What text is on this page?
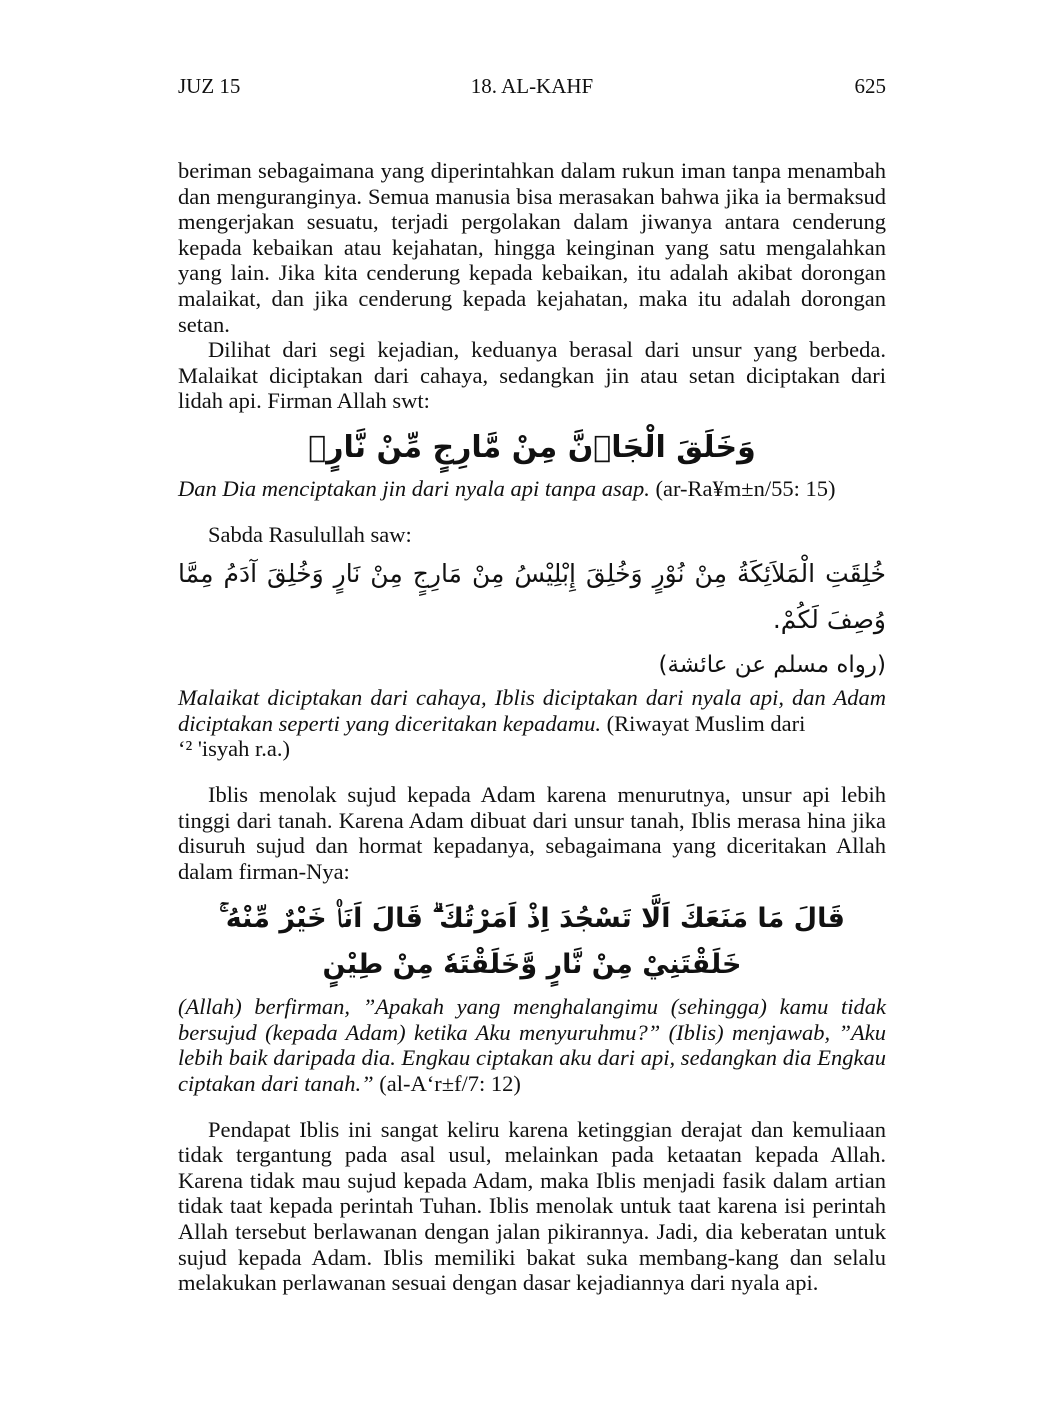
JUZ 15	18. AL-KAHF	625

beriman sebagaimana yang diperintahkan dalam rukun iman tanpa menambah dan menguranginya. Semua manusia bisa merasakan bahwa jika ia bermaksud mengerjakan sesuatu, terjadi pergolakan dalam jiwanya antara cenderung kepada kebaikan atau kejahatan, hingga keinginan yang satu mengalahkan yang lain. Jika kita cenderung kepada kebaikan, itu adalah akibat dorongan malaikat, dan jika cenderung kepada kejahatan, maka itu adalah dorongan setan.

Dilihat dari segi kejadian, keduanya berasal dari unsur yang berbeda. Malaikat diciptakan dari cahaya, sedangkan jin atau setan diciptakan dari lidah api. Firman Allah swt:

وَخَلَقَ الْجَاۤنَّ مِنْ مَّارِجٍ مِّنْ نَّارٍۚ

Dan Dia menciptakan jin dari nyala api tanpa asap. (ar-Ra¥m±n/55: 15)

Sabda Rasulullah saw:

خُلِقَتِ الْمَلاَئِكَةُ مِنْ نُوْرٍ وَخُلِقَ إِبْلِيْسُ مِنْ مَارِجٍ مِنْ نَارٍ وَخُلِقَ آدَمُ مِمَّا وُصِفَ لَكُمْ.
(رواه مسلم عن عائشة)

Malaikat diciptakan dari cahaya, Iblis diciptakan dari nyala api, dan Adam diciptakan seperti yang diceritakan kepadamu. (Riwayat Muslim dari
‘² 'isyah r.a.)

Iblis menolak sujud kepada Adam karena menurutnya, unsur api lebih tinggi dari tanah. Karena Adam dibuat dari unsur tanah, Iblis merasa hina jika disuruh sujud dan hormat kepadanya, sebagaimana yang diceritakan Allah dalam firman-Nya:

قَالَ مَا مَنَعَكَ اَلَّا تَسْجُدَ اِذْ اَمَرْتُكَ ۗ قَالَ اَنَا۠ خَيْرٌ مِّنْهُ ۚ خَلَقْتَنِيْ مِنْ نَّارٍ وَّخَلَقْتَهٗ مِنْ طِيْنٍ

(Allah) berfirman, ”Apakah yang menghalangimu (sehingga) kamu tidak bersujud (kepada Adam) ketika Aku menyuruhmu?” (Iblis) menjawab, ”Aku lebih baik daripada dia. Engkau ciptakan aku dari api, sedangkan dia Engkau ciptakan dari tanah.” (al-A‘r±f/7: 12)

Pendapat Iblis ini sangat keliru karena ketinggian derajat dan kemuliaan tidak tergantung pada asal usul, melainkan pada ketaatan kepada Allah. Karena tidak mau sujud kepada Adam, maka Iblis menjadi fasik dalam artian tidak taat kepada perintah Tuhan. Iblis menolak untuk taat karena isi perintah Allah tersebut berlawanan dengan jalan pikirannya. Jadi, dia keberatan untuk sujud kepada Adam. Iblis memiliki bakat suka membang-kang dan selalu melakukan perlawanan sesuai dengan dasar kejadiannya dari nyala api.
